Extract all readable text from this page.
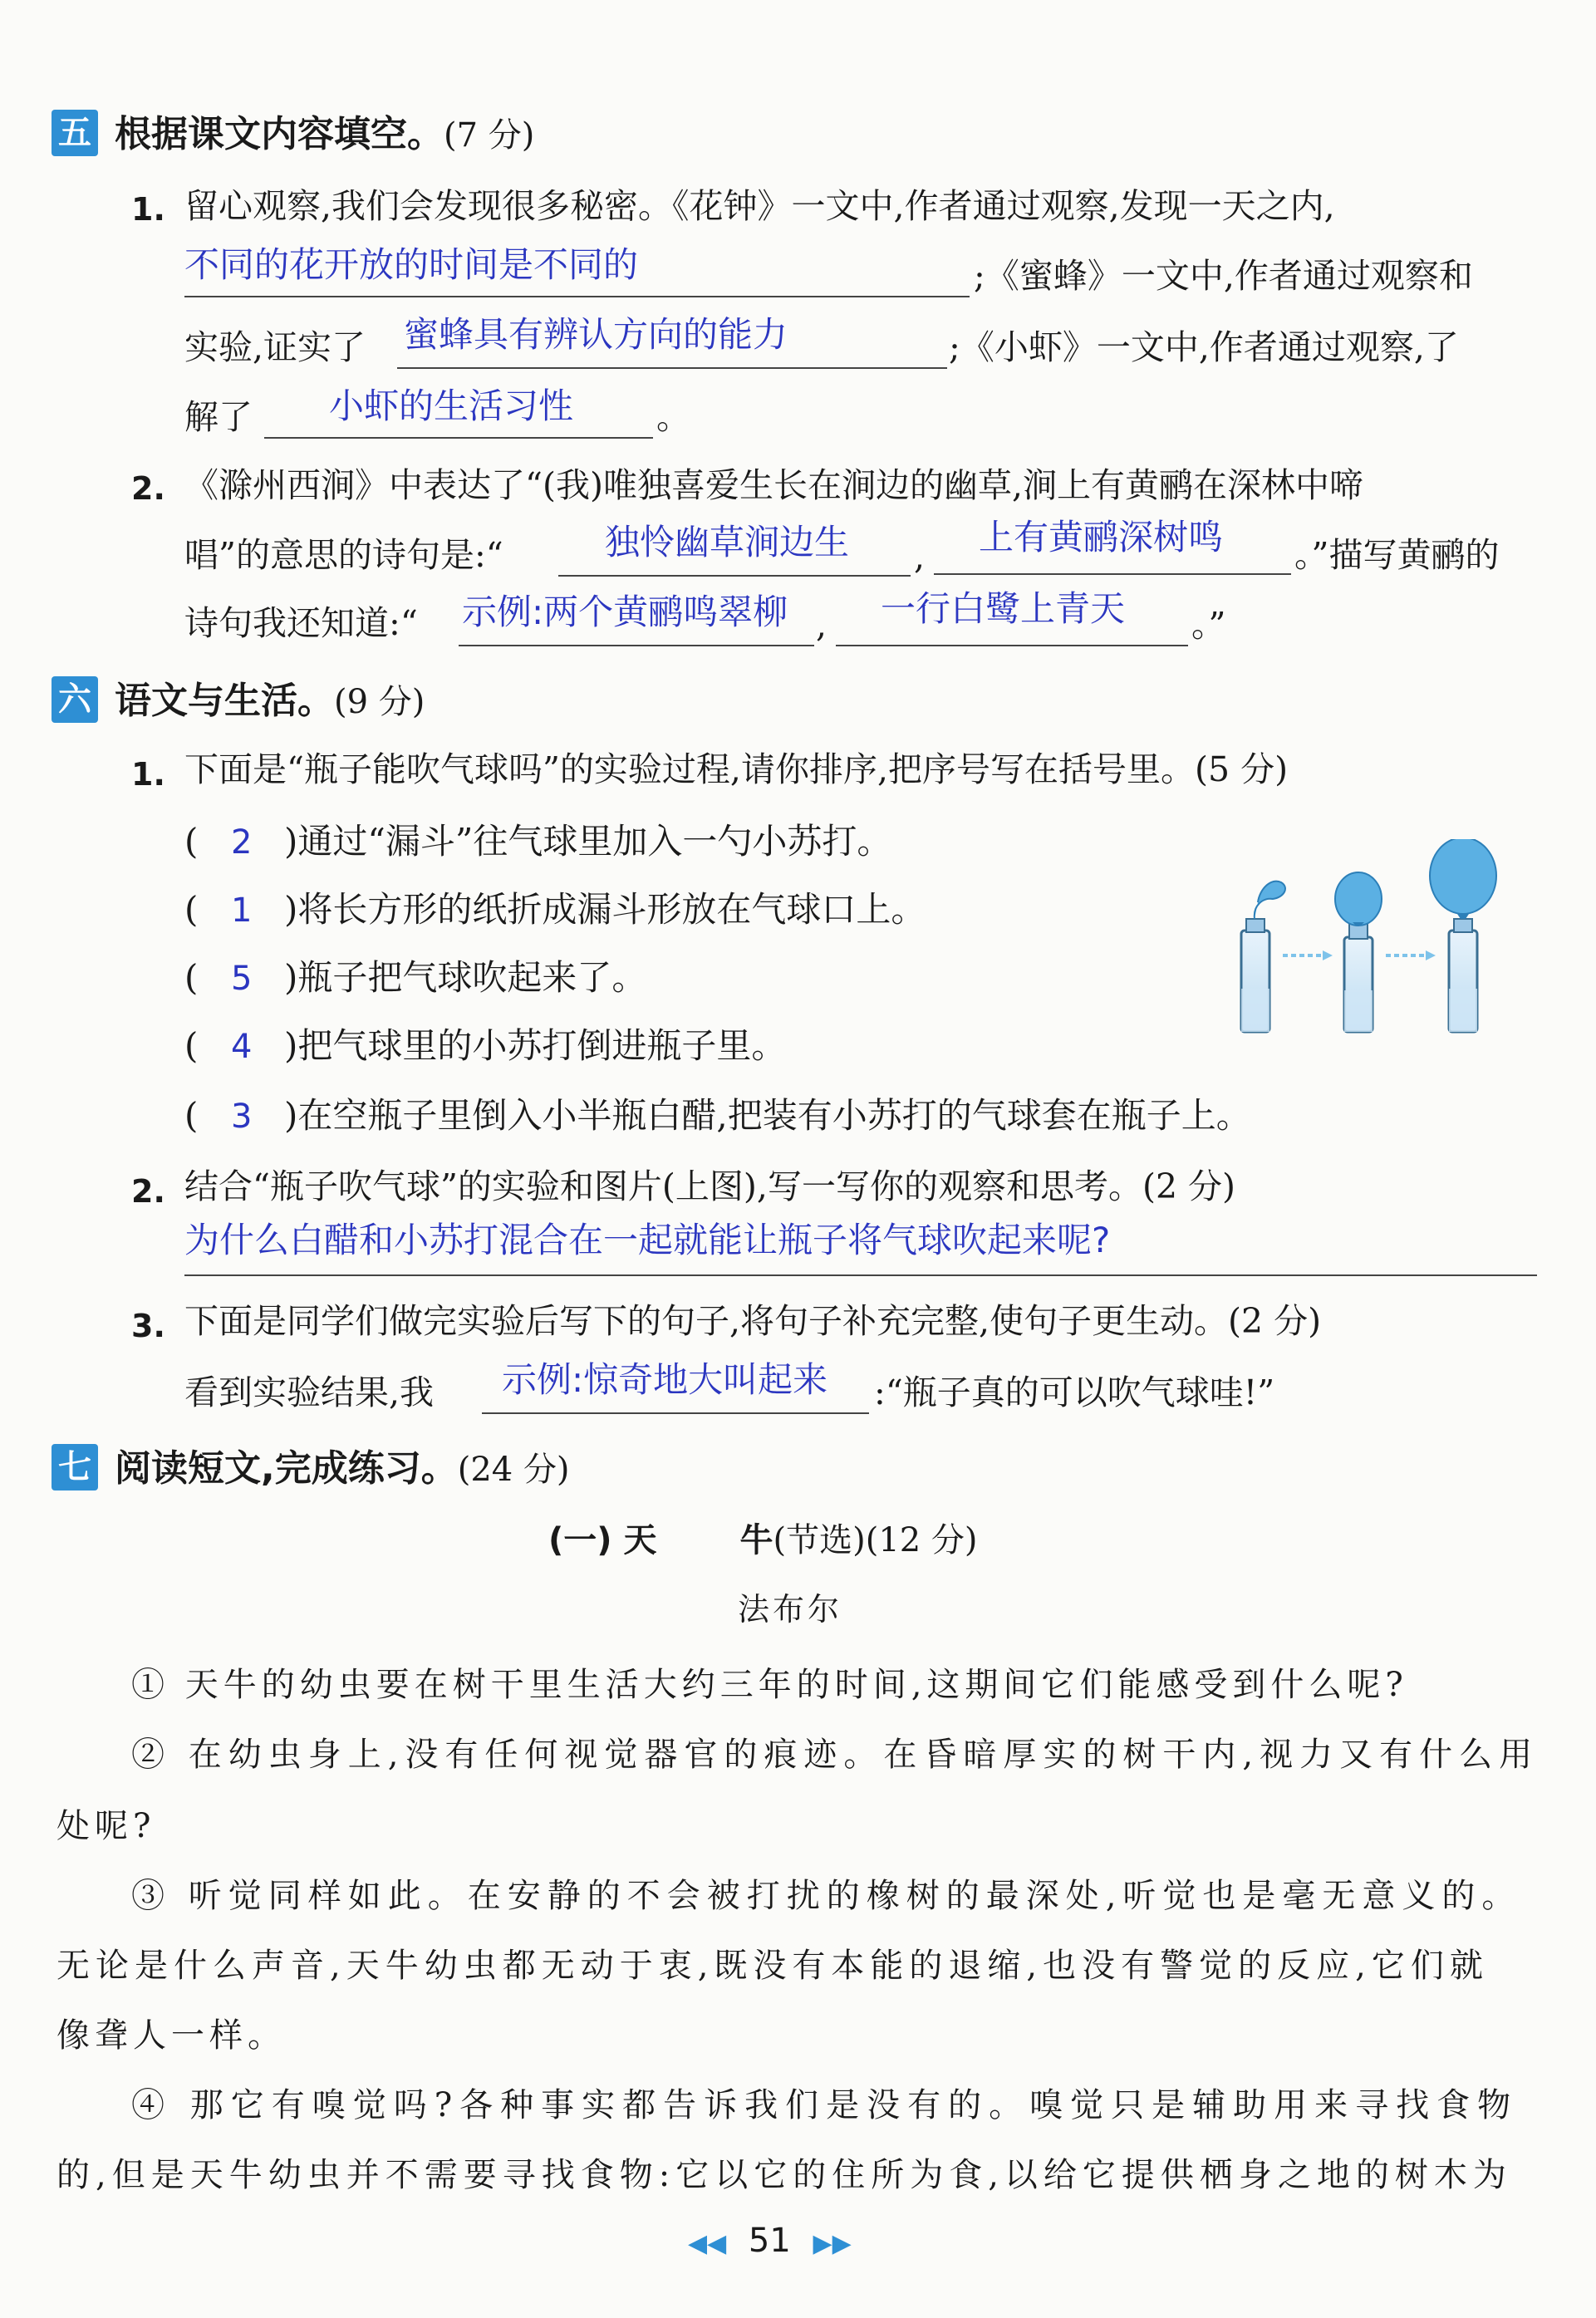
五 根据课文内容填空。(7 分)
1. 留心观察,我们会发现很多秘密。《花钟》一文中,作者通过观察,发现一天之内,
不同的花开放的时间是不同的	;《蜜蜂》一文中,作者通过观察和
实验,证实了 蜜蜂具有辨认方向的能力	;《小虾》一文中,作者通过观察,了
解了 小虾的生活习性 。
2. 《滁州西涧》中表达了“(我)唯独喜爱生长在涧边的幽草,涧上有黄鹂在深林中啼
唱”的意思的诗句是:“	独怜幽草涧边生 , 上有黄鹂深树鸣 。”描写黄鹂的
诗句我还知道:“ 示例:两个黄鹂鸣翠柳 , 一行白鹭上青天 。”
六 语文与生活。(9 分)
1. 下面是“瓶子能吹气球吗”的实验过程,请你排序,把序号写在括号里。(5 分)
( 2 )通过“漏斗”往气球里加入一勺小苏打。
( 1 )将长方形的纸折成漏斗形放在气球口上。
( 5 )瓶子把气球吹起来了。
( 4 )把气球里的小苏打倒进瓶子里。
( 3 )在空瓶子里倒入小半瓶白醋,把装有小苏打的气球套在瓶子上。
2. 结合“瓶子吹气球”的实验和图片(上图),写一写你的观察和思考。(2 分)
为什么白醋和小苏打混合在一起就能让瓶子将气球吹起来呢?
3. 下面是同学们做完实验后写下的句子,将句子补充完整,使句子更生动。(2 分)
看到实验结果,我 示例:惊奇地大叫起来 :“瓶子真的可以吹气球哇!”
七 阅读短文,完成练习。(24 分)
(一) 天	牛(节选)(12 分)
法布尔
① 天牛的幼虫要在树干里生活大约三年的时间,这期间它们能感受到什么呢?
② 在幼虫身上,没有任何视觉器官的痕迹。在昏暗厚实的树干内,视力又有什么用
处呢?
③ 听觉同样如此。在安静的不会被打扰的橡树的最深处,听觉也是毫无意义的。
无论是什么声音,天牛幼虫都无动于衷,既没有本能的退缩,也没有警觉的反应,它们就
像聋人一样。
④ 那它有嗅觉吗?各种事实都告诉我们是没有的。嗅觉只是辅助用来寻找食物
的,但是天牛幼虫并不需要寻找食物:它以它的住所为食,以给它提供栖身之地的树木为
◀◀ 51 ▶▶
